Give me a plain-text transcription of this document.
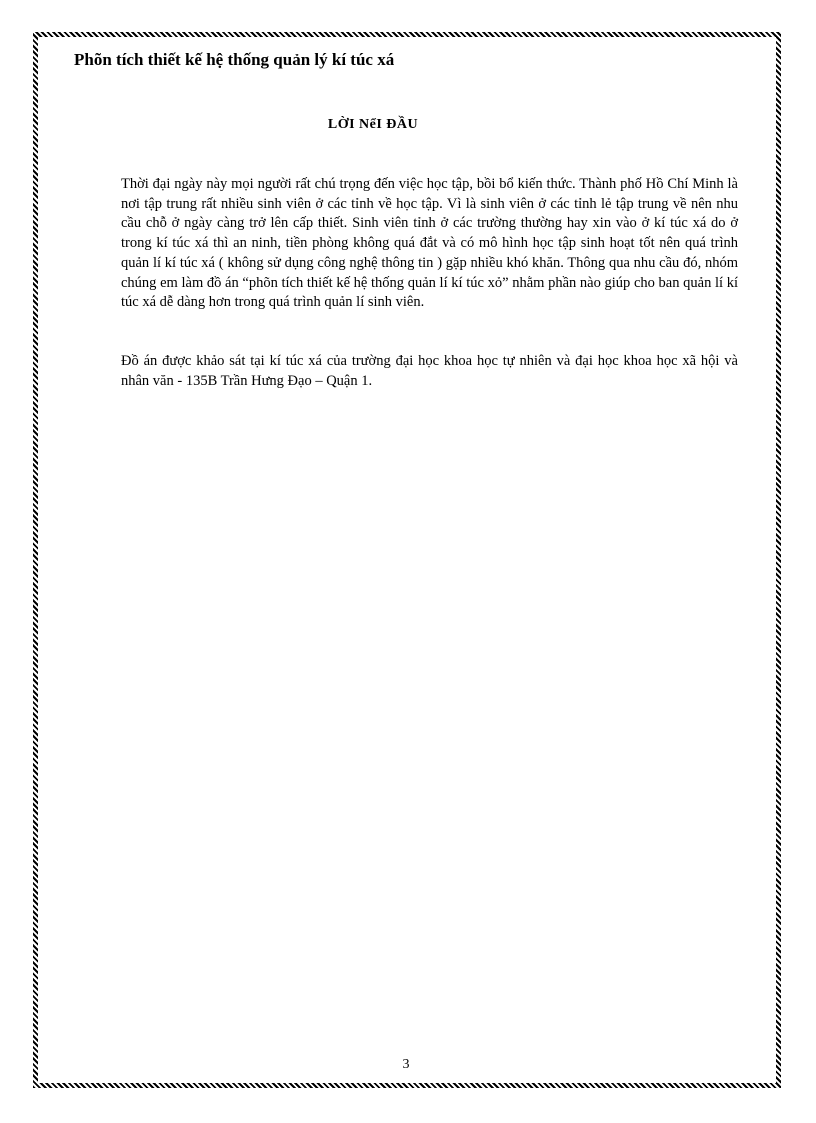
Phõn tích thiết kế hệ thống quản lý kí túc xá
LỜI NểI ĐẦU

Thời đại ngày này mọi người rất chú trọng đến việc học tập, bồi bổ kiến thức. Thành phố Hồ Chí Minh là nơi tập trung rất nhiều sinh viên ở các tỉnh về học tập. Vì là sinh viên ở các tỉnh lẻ tập trung về nên nhu cầu chỗ ở ngày càng trở lên cấp thiết. Sinh viên tỉnh ở các trường thường hay xin vào ở kí túc xá do ở trong kí túc xá thì an ninh, tiền phòng không quá đắt và có mô hình học tập sinh hoạt tốt nên quá trình quản lí kí túc xá ( không sử dụng công nghệ thông tin ) gặp nhiều khó khăn. Thông qua nhu cầu đó, nhóm chúng em làm đồ án “phõn tích thiết kế hệ thống quản lí kí túc xỏ” nhằm phần nào giúp cho ban quản lí kí túc xá dễ dàng hơn trong quá trình quản lí sinh viên.

Đồ án được khảo sát tại kí túc xá của trường đại học khoa học tự nhiên và đại học khoa học xã hội và nhân văn - 135B Trần Hưng Đạo – Quận 1.

3
